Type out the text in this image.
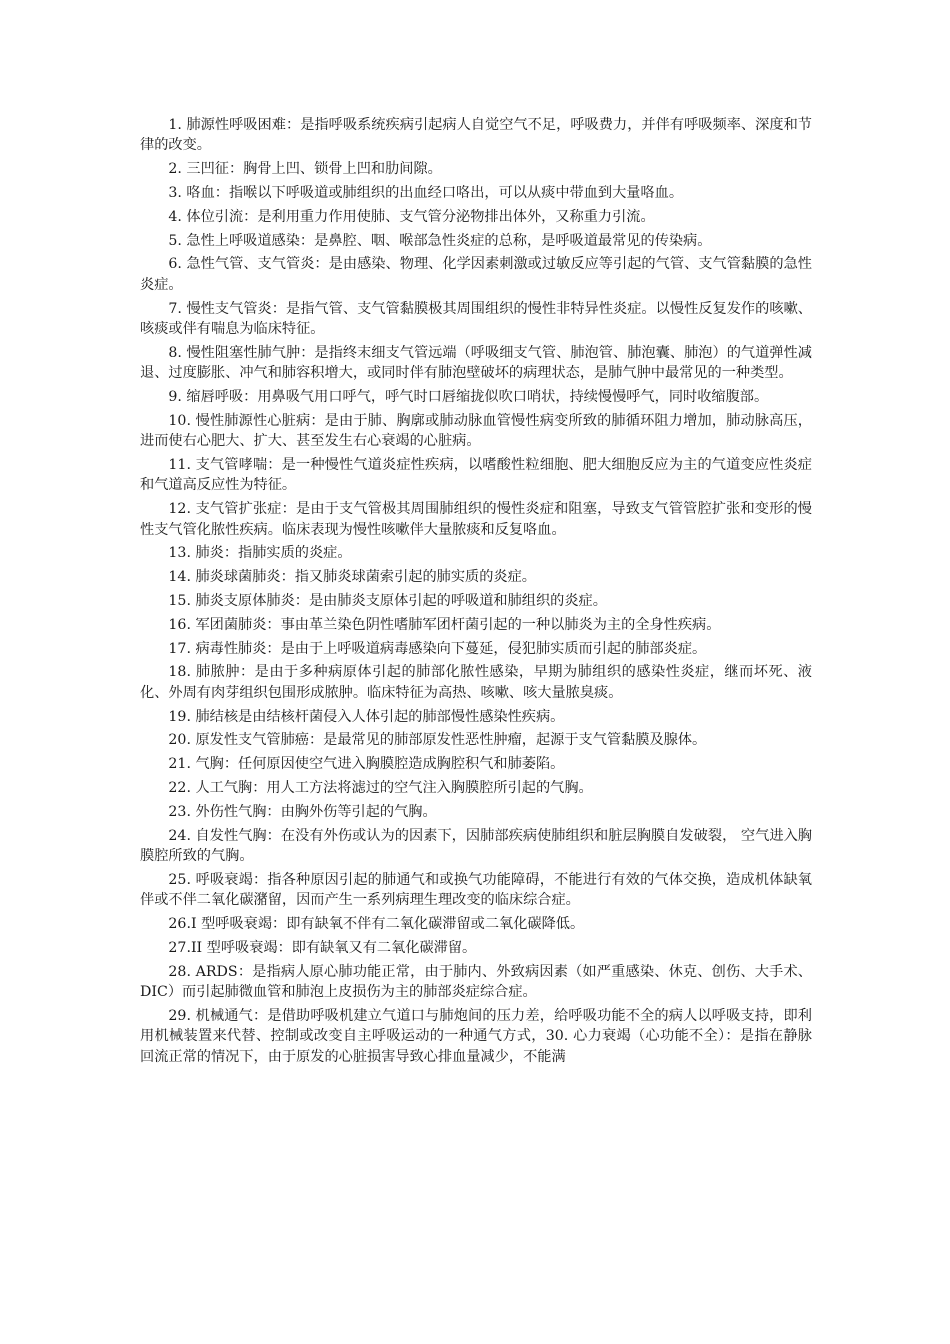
1. 肺源性呼吸困难：是指呼吸系统疾病引起病人自觉空气不足，呼吸费力，并伴有呼吸频率、深度和节律的改变。

2. 三凹征：胸骨上凹、锁骨上凹和肋间隙。

3. 咯血：指喉以下呼吸道或肺组织的出血经口咯出，可以从痰中带血到大量咯血。

4. 体位引流：是利用重力作用使肺、支气管分泌物排出体外，又称重力引流。

5. 急性上呼吸道感染：是鼻腔、咽、喉部急性炎症的总称，是呼吸道最常见的传染病。

6. 急性气管、支气管炎：是由感染、物理、化学因素刺激或过敏反应等引起的气管、支气管黏膜的急性炎症。

7. 慢性支气管炎：是指气管、支气管黏膜极其周围组织的慢性非特异性炎症。以慢性反复发作的咳嗽、咳痰或伴有喘息为临床特征。

8. 慢性阻塞性肺气肿：是指终末细支气管远端（呼吸细支气管、肺泡管、肺泡囊、肺泡）的气道弹性减退、过度膨胀、冲气和肺容积增大，或同时伴有肺泡壁破坏的病理状态，是肺气肿中最常见的一种类型。

9. 缩唇呼吸：用鼻吸气用口呼气，呼气时口唇缩拢似吹口哨状，持续慢慢呼气，同时收缩腹部。

10. 慢性肺源性心脏病：是由于肺、胸廓或肺动脉血管慢性病变所致的肺循环阻力增加，肺动脉高压，进而使右心肥大、扩大、甚至发生右心衰竭的心脏病。

11. 支气管哮喘：是一种慢性气道炎症性疾病，以嗜酸性粒细胞、肥大细胞反应为主的气道变应性炎症和气道高反应性为特征。

12. 支气管扩张症：是由于支气管极其周围肺组织的慢性炎症和阻塞，导致支气管管腔扩张和变形的慢性支气管化脓性疾病。临床表现为慢性咳嗽伴大量脓痰和反复咯血。

13. 肺炎：指肺实质的炎症。

14. 肺炎球菌肺炎：指又肺炎球菌索引起的肺实质的炎症。

15. 肺炎支原体肺炎：是由肺炎支原体引起的呼吸道和肺组织的炎症。

16. 军团菌肺炎：事由革兰染色阴性嗜肺军团杆菌引起的一种以肺炎为主的全身性疾病。

17. 病毒性肺炎：是由于上呼吸道病毒感染向下蔓延，侵犯肺实质而引起的肺部炎症。

18. 肺脓肿：是由于多种病原体引起的肺部化脓性感染，早期为肺组织的感染性炎症，继而坏死、液化、外周有肉芽组织包围形成脓肿。临床特征为高热、咳嗽、咳大量脓臭痰。

19. 肺结核是由结核杆菌侵入人体引起的肺部慢性感染性疾病。

20. 原发性支气管肺癌：是最常见的肺部原发性恶性肿瘤，起源于支气管黏膜及腺体。

21. 气胸：任何原因使空气进入胸膜腔造成胸腔积气和肺萎陷。

22. 人工气胸：用人工方法将滤过的空气注入胸膜腔所引起的气胸。

23. 外伤性气胸：由胸外伤等引起的气胸。

24. 自发性气胸：在没有外伤或认为的因素下，因肺部疾病使肺组织和脏层胸膜自发破裂， 空气进入胸膜腔所致的气胸。

25. 呼吸衰竭：指各种原因引起的肺通气和或换气功能障碍，不能进行有效的气体交换，造成机体缺氧伴或不伴二氧化碳潴留，因而产生一系列病理生理改变的临床综合症。

26.I 型呼吸衰竭：即有缺氧不伴有二氧化碳滞留或二氧化碳降低。

27.II 型呼吸衰竭：即有缺氧又有二氧化碳滞留。

28. ARDS：是指病人原心肺功能正常，由于肺内、外致病因素（如严重感染、休克、创伤、大手术、DIC）而引起肺微血管和肺泡上皮损伤为主的肺部炎症综合症。

29. 机械通气：是借助呼吸机建立气道口与肺炮间的压力差，给呼吸功能不全的病人以呼吸支持，即利用机械装置来代替、控制或改变自主呼吸运动的一种通气方式，30. 心力衰竭（心功能不全）：是指在静脉回流正常的情况下，由于原发的心脏损害导致心排血量减少，不能满
